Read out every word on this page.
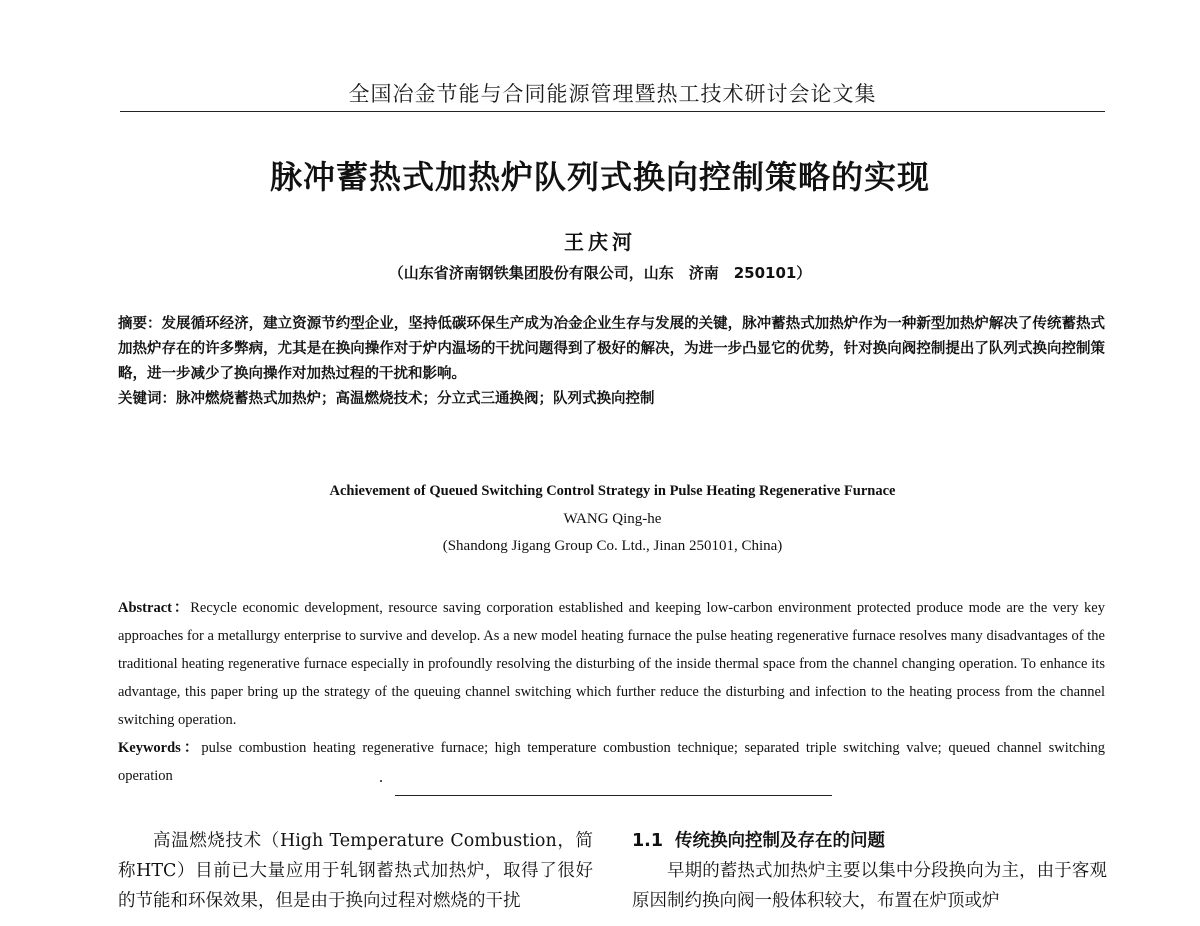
全国冶金节能与合同能源管理暨热工技术研讨会论文集
脉冲蓄热式加热炉队列式换向控制策略的实现
王庆河
（山东省济南钢铁集团股份有限公司，山东　济南　250101）

摘要：发展循环经济，建立资源节约型企业，坚持低碳环保生产成为冶金企业生存与发展的关键，脉冲蓄热式加热炉作为一种新型加热炉解决了传统蓄热式加热炉存在的许多弊病，尤其是在换向操作对于炉内温场的干扰问题得到了极好的解决，为进一步凸显它的优势，针对换向阀控制提出了队列式换向控制策略，进一步减少了换向操作对加热过程的干扰和影响。

关键词：脉冲燃烧蓄热式加热炉；高温燃烧技术；分立式三通换阀；队列式换向控制

Achievement of Queued Switching Control Strategy in Pulse Heating Regenerative Furnace
WANG Qing-he
(Shandong Jigang Group Co. Ltd., Jinan 250101, China)

Abstract：Recycle economic development, resource saving corporation established and keeping low-carbon environment protected produce mode are the very key approaches for a metallurgy enterprise to survive and develop. As a new model heating furnace the pulse heating regenerative furnace resolves many disadvantages of the traditional heating regenerative furnace especially in profoundly resolving the disturbing of the inside thermal space from the channel changing operation. To enhance its advantage, this paper bring up the strategy of the queuing channel switching which further reduce the disturbing and infection to the heating process from the channel switching operation.

Keywords：pulse combustion heating regenerative furnace; high temperature combustion technique; separated triple switching valve; queued channel switching operation

高温燃烧技术（High Temperature Combustion，简称HTC）目前已大量应用于轧钢蓄热式加热炉，取得了很好的节能和环保效果，但是由于换向过程对燃烧的干扰

1.1 传统换向控制及存在的问题

早期的蓄热式加热炉主要以集中分段换向为主，由于客观原因制约换向阀一般体积较大，布置在炉顶或炉
